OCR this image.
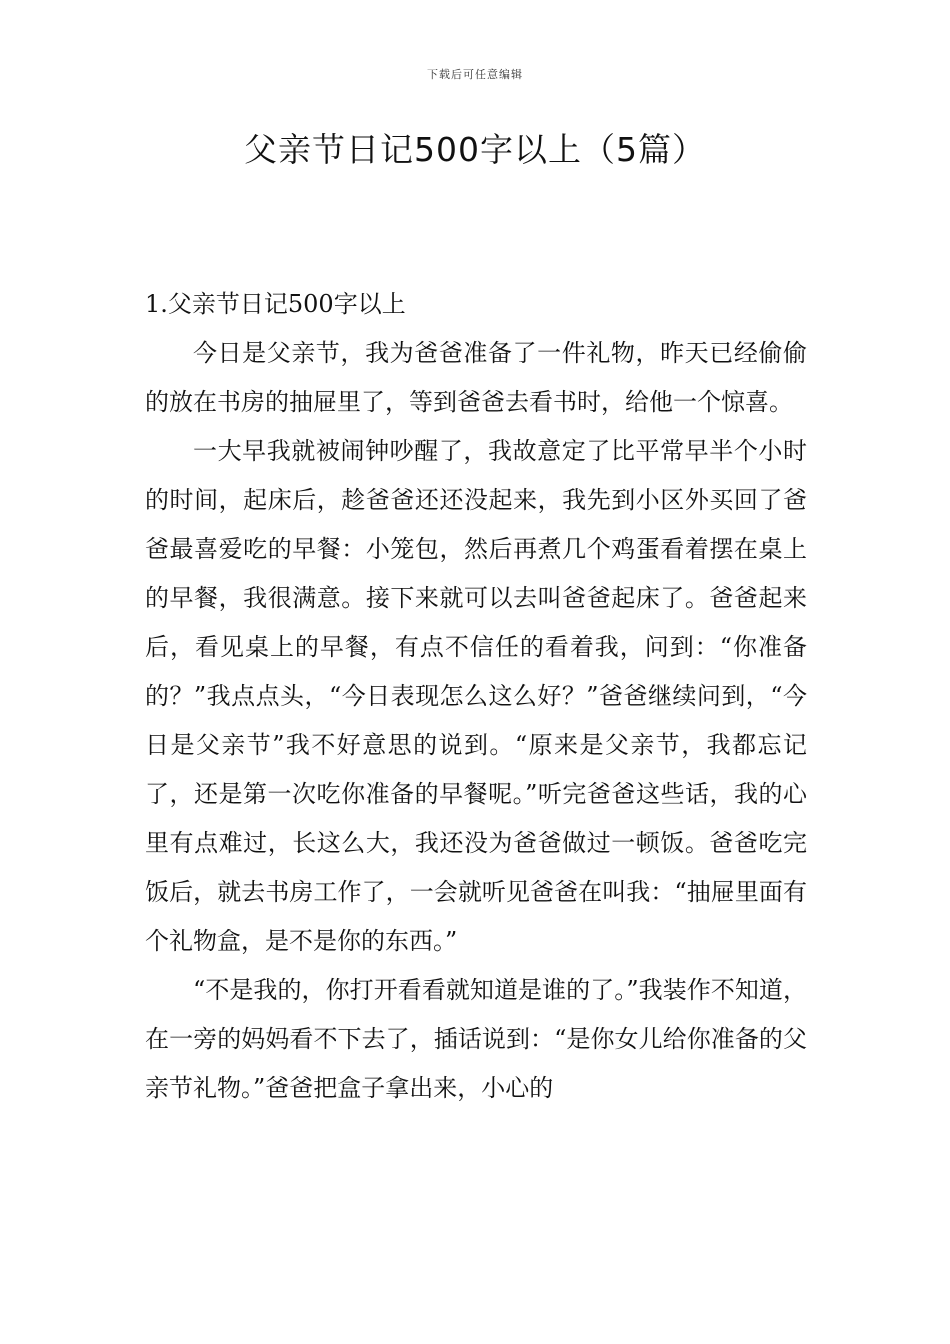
下载后可任意编辑
父亲节日记500字以上（5篇）
1.父亲节日记500字以上

今日是父亲节，我为爸爸准备了一件礼物，昨天已经偷偷的放在书房的抽屉里了，等到爸爸去看书时，给他一个惊喜。

一大早我就被闹钟吵醒了，我故意定了比平常早半个小时的时间，起床后，趁爸爸还还没起来，我先到小区外买回了爸爸最喜爱吃的早餐：小笼包，然后再煮几个鸡蛋看着摆在桌上的早餐，我很满意。接下来就可以去叫爸爸起床了。爸爸起来后，看见桌上的早餐，有点不信任的看着我，问到：“你准备的？”我点点头，“今日表现怎么这么好？”爸爸继续问到，“今日是父亲节”我不好意思的说到。“原来是父亲节，我都忘记了，还是第一次吃你准备的早餐呢。”听完爸爸这些话，我的心里有点难过，长这么大，我还没为爸爸做过一顿饭。爸爸吃完饭后，就去书房工作了，一会就听见爸爸在叫我：“抽屉里面有个礼物盒，是不是你的东西。”

“不是我的，你打开看看就知道是谁的了。”我装作不知道，在一旁的妈妈看不下去了，插话说到：“是你女儿给你准备的父亲节礼物。”爸爸把盒子拿出来，小心的
